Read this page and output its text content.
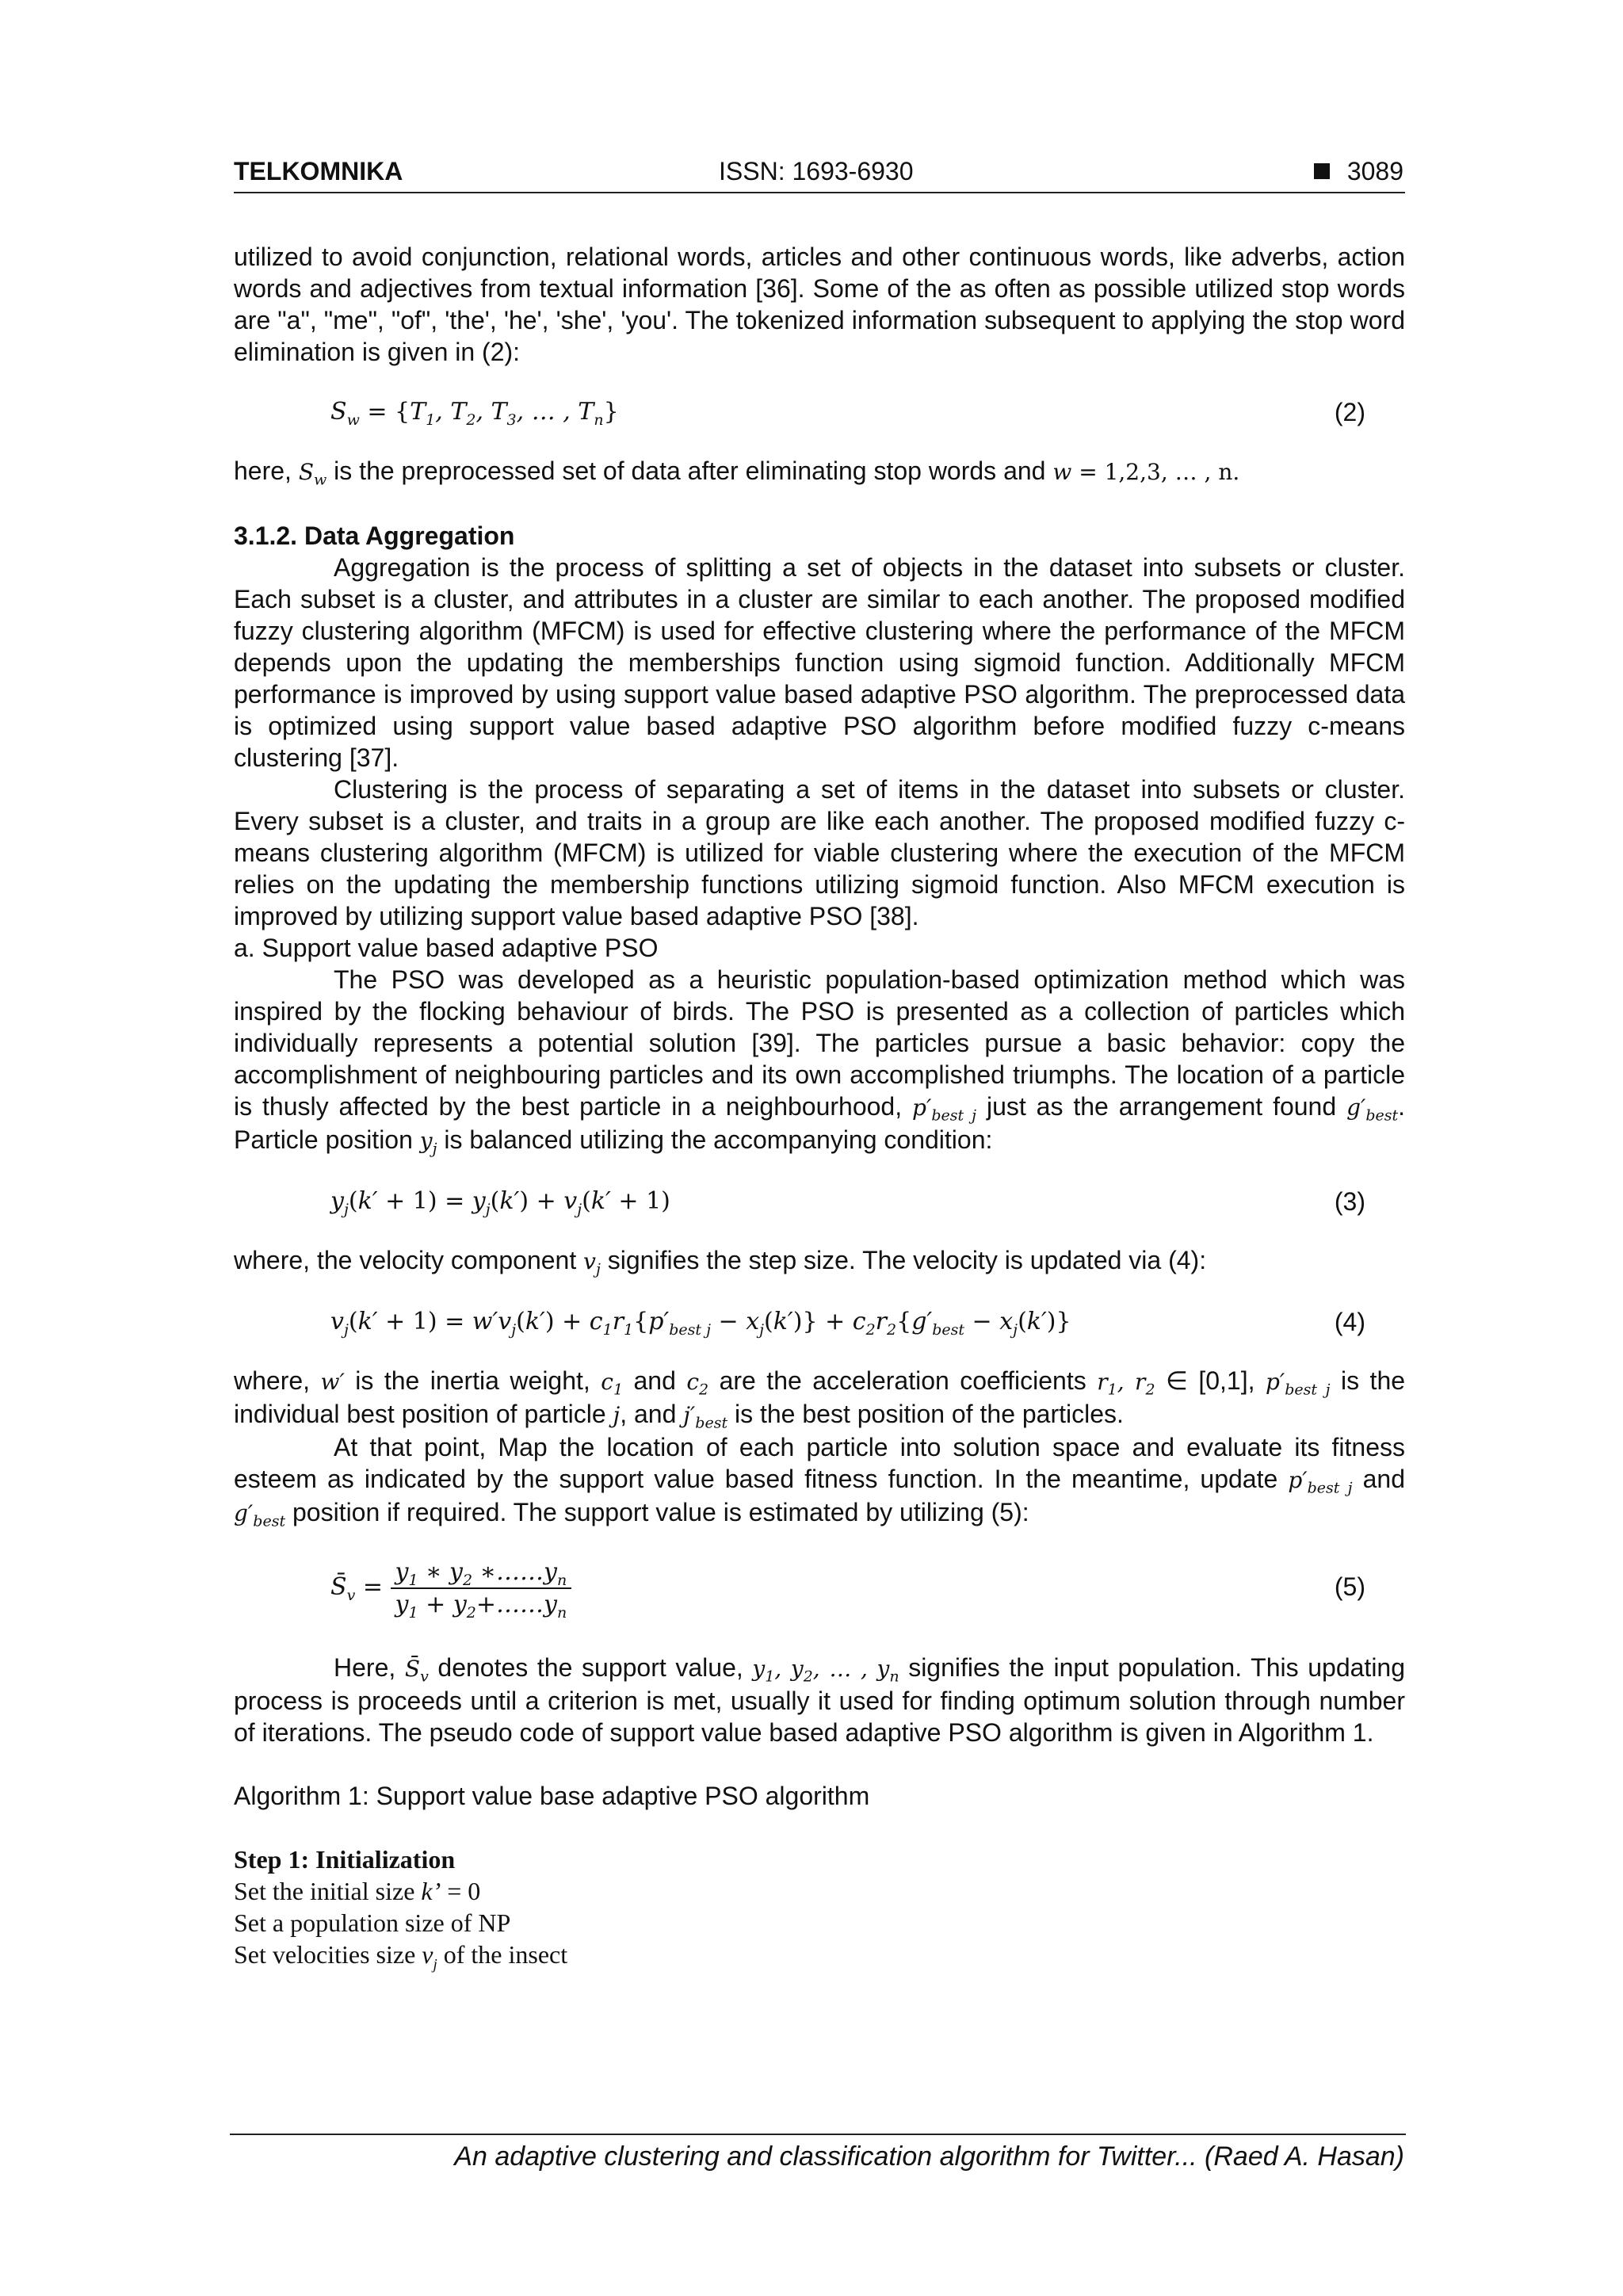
TELKOMNIKA	ISSN: 1693-6930	3089

utilized to avoid conjunction, relational words, articles and other continuous words, like adverbs, action words and adjectives from textual information [36]. Some of the as often as possible utilized stop words are "a", "me", "of", 'the', 'he', 'she', 'you'. The tokenized information subsequent to applying the stop word elimination is given in (2):

$S_w = \{T_1$, $T_2$, $T_3$, … , $T_n$}	(2)

here, $S_w$ is the preprocessed set of data after eliminating stop words and w = 1,2,3, … , n.

3.1.2. Data Aggregation

Aggregation is the process of splitting a set of objects in the dataset into subsets or cluster. Each subset is a cluster, and attributes in a cluster are similar to each another. The proposed modified fuzzy clustering algorithm (MFCM) is used for effective clustering where the performance of the MFCM depends upon the updating the memberships function using sigmoid function. Additionally MFCM performance is improved by using support value based adaptive PSO algorithm. The preprocessed data is optimized using support value based adaptive PSO algorithm before modified fuzzy c-means clustering [37].

Clustering is the process of separating a set of items in the dataset into subsets or cluster. Every subset is a cluster, and traits in a group are like each another. The proposed modified fuzzy c-means clustering algorithm (MFCM) is utilized for viable clustering where the execution of the MFCM relies on the updating the membership functions utilizing sigmoid function. Also MFCM execution is improved by utilizing support value based adaptive PSO [38].

a. Support value based adaptive PSO

The PSO was developed as a heuristic population-based optimization method which was inspired by the flocking behaviour of birds. The PSO is presented as a collection of particles which individually represents a potential solution [39]. The particles pursue a basic behavior: copy the accomplishment of neighbouring particles and its own accomplished triumphs. The location of a particle is thusly affected by the best particle in a neighbourhood, $p'_{best j}$ just as the arrangement found $g'_{best}$. Particle position $y_j$ is balanced utilizing the accompanying condition:

$y_j(k' + 1) = y_j(k') + v_j(k' + 1)$	(3)

where, the velocity component $v_j$ signifies the step size. The velocity is updated via (4):

$v_j(k' + 1) = w'v_j(k') + c_1r_1\{p'_{best j} - x_j(k')\} + c_2r_2\{g'_{best} - x_j(k')\}$	(4)

where, w′ is the inertia weight, $c_1$ and $c_2$ are the acceleration coefficients $r_1$, $r_2$ ∈ [0,1], $p'_{best j}$ is the individual best position of particle j, and $j'_{best}$ is the best position of the particles.

At that point, Map the location of each particle into solution space and evaluate its fitness esteem as indicated by the support value based fitness function. In the meantime, update $p'_{best j}$ and $g'_{best}$ position if required. The support value is estimated by utilizing (5):

$S̄_v = \frac{y_1 ∗ y_2 ∗\dots\dots y_n}{y_1 + y_2+\dots\dots y_n}$	(5)

Here, $S̄_v$ denotes the support value, $y_1$, $y_2$, … , $y_n$ signifies the input population. This updating process is proceeds until a criterion is met, usually it used for finding optimum solution through number of iterations. The pseudo code of support value based adaptive PSO algorithm is given in Algorithm 1.

Algorithm 1: Support value base adaptive PSO algorithm

Step 1: Initialization
Set the initial size k’ = 0
Set a population size of NP
Set velocities size $v_j$ of the insect
An adaptive clustering and classification algorithm for Twitter... (Raed A. Hasan)
